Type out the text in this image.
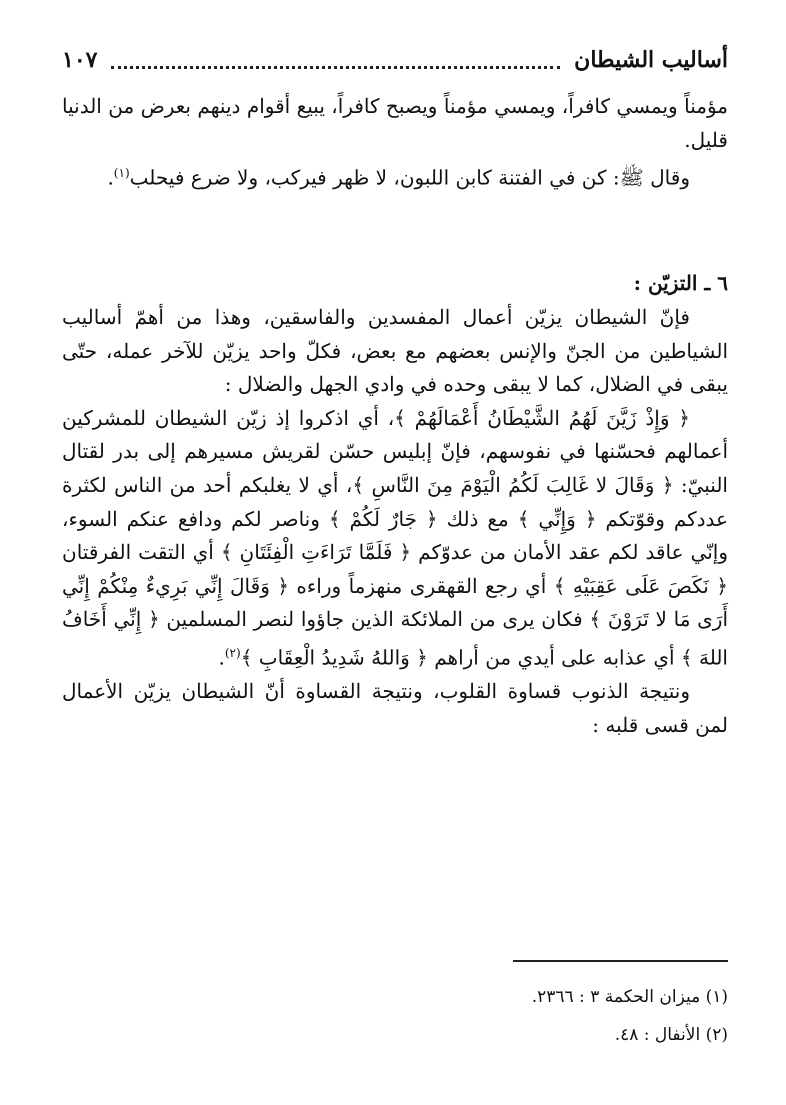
أساليب الشيطان
١٠٧

مؤمناً ويمسي كافراً، ويمسي مؤمناً ويصبح كافراً، يبيع أقوام دينهم بعرض من الدنيا قليل.

وقال ﷺ: كن في الفتنة كابن اللبون، لا ظهر فيركب، ولا ضرع فيحلب$^{(١)}$.

٦ ـ التزيّن :

فإنّ الشيطان يزيّن أعمال المفسدين والفاسقين، وهذا من أهمّ أساليب الشياطين من الجنّ والإنس بعضهم مع بعض، فكلّ واحد يزيّن للآخر عمله، حتّى يبقى في الضلال، كما لا يبقى وحده في وادي الجهل والضلال :

﴿ وَإِذْ زَيَّنَ لَهُمُ الشَّيْطَانُ أَعْمَالَهُمْ ﴾، أي اذكروا إذ زيّن الشيطان للمشركين أعمالهم فحسّنها في نفوسهم، فإنّ إبليس حسّن لقريش مسيرهم إلى بدر لقتال النبيّ: ﴿ وَقَالَ لا غَالِبَ لَكُمُ الْيَوْمَ مِنَ النَّاسِ ﴾، أي لا يغلبكم أحد من الناس لكثرة عددكم وقوّتكم ﴿ وَإِنِّي ﴾ مع ذلك ﴿ جَارٌ لَكُمْ ﴾ وناصر لكم ودافع عنكم السوء، وإنّي عاقد لكم عقد الأمان من عدوّكم ﴿ فَلَمَّا تَرَاءَتِ الْفِئَتَانِ ﴾ أي التقت الفرقتان ﴿ نَكَصَ عَلَى عَقِبَيْهِ ﴾ أي رجع القهقرى منهزماً وراءه ﴿ وَقَالَ إِنِّي بَرِيءٌ مِنْكُمْ إِنِّي أَرَى مَا لا تَرَوْنَ ﴾ فكان يرى من الملائكة الذين جاؤوا لنصر المسلمين ﴿ إِنِّي أَخَافُ اللهَ ﴾ أي عذابه على أيدي من أراهم ﴿ وَاللهُ شَدِيدُ الْعِقَابِ ﴾$^{(٢)}$.

ونتيجة الذنوب قساوة القلوب، ونتيجة القساوة أنّ الشيطان يزيّن الأعمال لمن قسى قلبه :

(١) ميزان الحكمة ٣ : ٢٣٦٦.

(٢) الأنفال : ٤٨.
